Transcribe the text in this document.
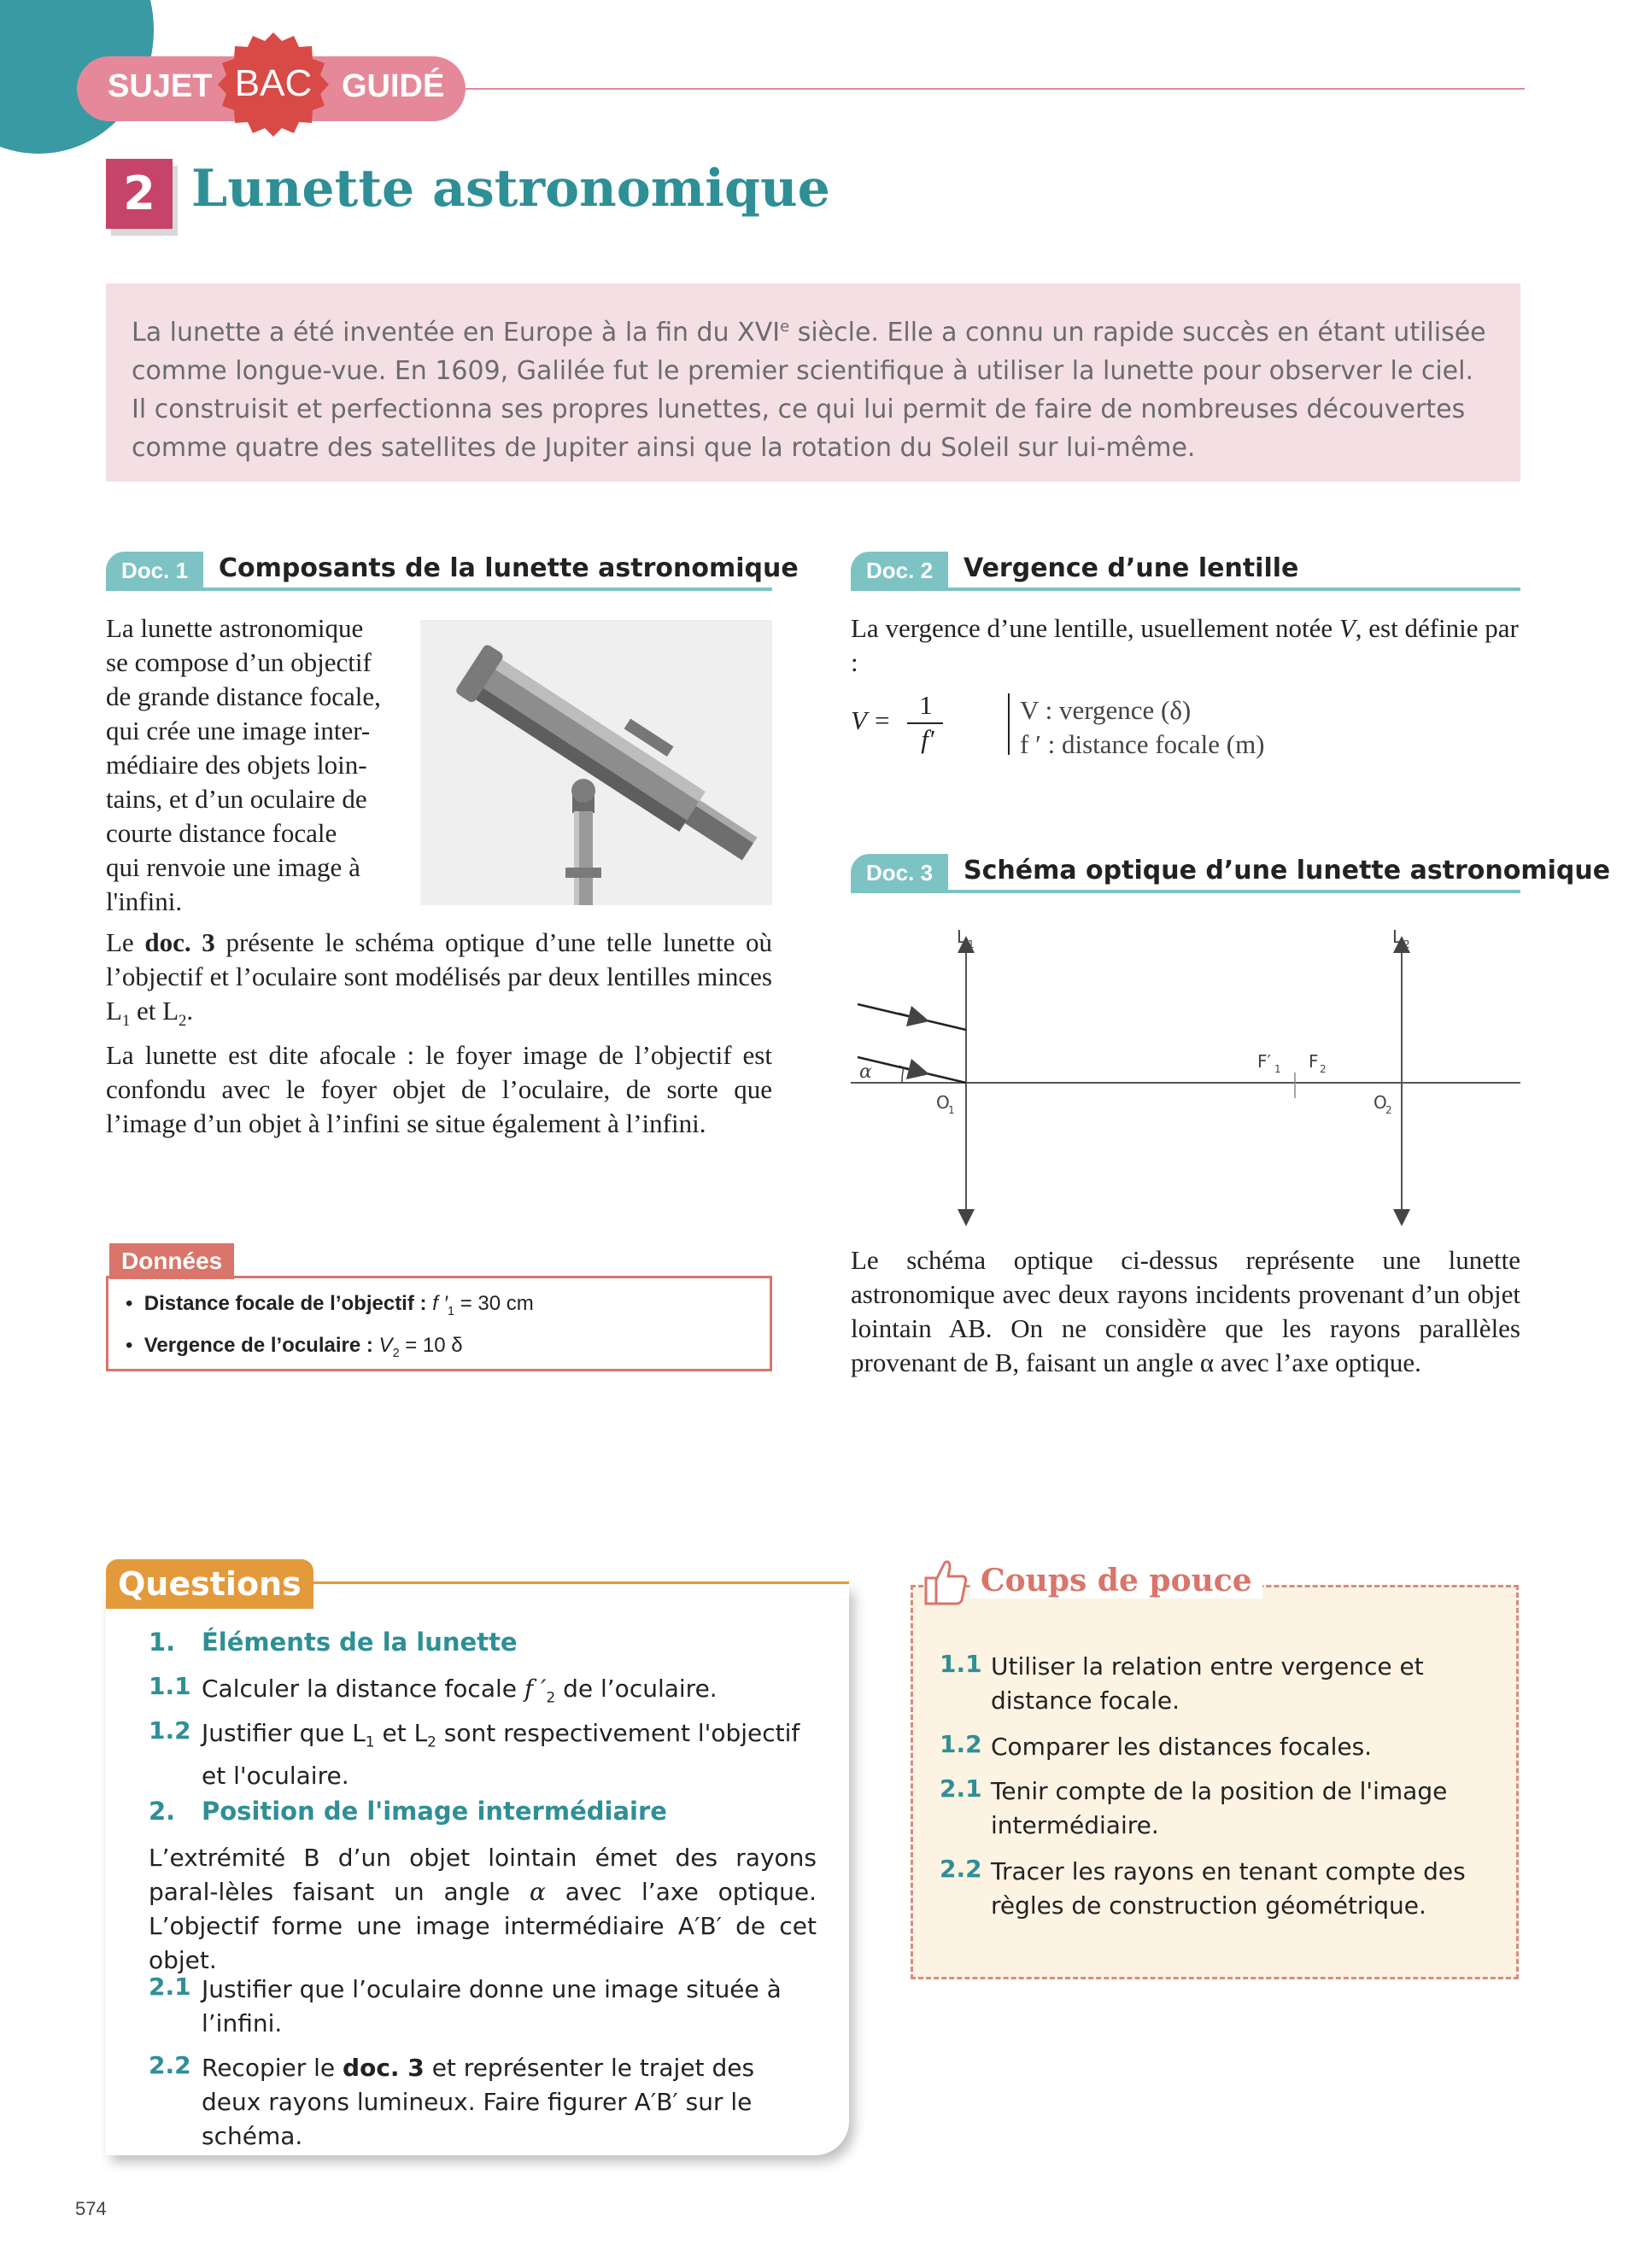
SUJET	GUIDÉ
BAC
2 Lunette astronomique
La lunette a été inventée en Europe à la fin du XVIe siècle. Elle a connu un rapide succès en étant utilisée comme longue-vue. En 1609, Galilée fut le premier scientifique à utiliser la lunette pour observer le ciel. Il construisit et perfectionna ses propres lunettes, ce qui lui permit de faire de nombreuses découvertes comme quatre des satellites de Jupiter ainsi que la rotation du Soleil sur lui-même.
Doc. 1	Composants de la lunette astronomique
La lunette astronomique
se compose d’un objectif
de grande distance focale,
qui crée une image inter-
médiaire des objets loin-
tains, et d’un oculaire de
courte distance focale
qui renvoie une image à
l'infini.
Le doc. 3 présente le schéma optique d’une telle lunette où l’objectif et l’oculaire sont modélisés par deux lentilles minces $L_1$ et $L_2$.
La lunette est dite afocale : le foyer image de l’objectif est confondu avec le foyer objet de l’oculaire, de sorte que l’image d’un objet à l’infini se situe également à l’infini.
Données
•  Distance focale de l’objectif : f $'_1 = 30$ cm
•  Vergence de l’oculaire : $V_2 = 10$ δ
Doc. 2	Vergence d’une lentille
La vergence d’une lentille, usuellement notée V, est définie par :
V =
1
f′
V : vergence (δ)
f ′ : distance focale (m)
Doc. 3	Schéma optique d’une lunette astronomique
L 1	L 2
O
1	O
2
F′ 1 F 2
α
Le schéma optique ci-dessus représente une lunette astronomique avec deux rayons incidents provenant d’un objet lointain AB. On ne considère que les rayons parallèles provenant de B, faisant un angle α avec l’axe optique.
Questions
1. Éléments de la lunette
1.1 Calculer la distance focale f $'_2$ de l’oculaire.
1.2 Justifier que $L_1$ et $L_2$ sont respectivement l'objectif et l'oculaire.
2. Position de l'image intermédiaire
L’extrémité B d’un objet lointain émet des rayons paral-lèles faisant un angle α avec l’axe optique. L’objectif forme une image intermédiaire A′B′ de cet objet.
2.1 Justifier que l’oculaire donne une image située à l’infini.
2.2 Recopier le doc. 3 et représenter le trajet des deux rayons lumineux. Faire figurer A′B′ sur le schéma.
Coups de pouce
1.1 Utiliser la relation entre vergence et distance focale.
1.2 Comparer les distances focales.
2.1 Tenir compte de la position de l'image intermédiaire.
2.2 Tracer les rayons en tenant compte des règles de construction géométrique.
574
